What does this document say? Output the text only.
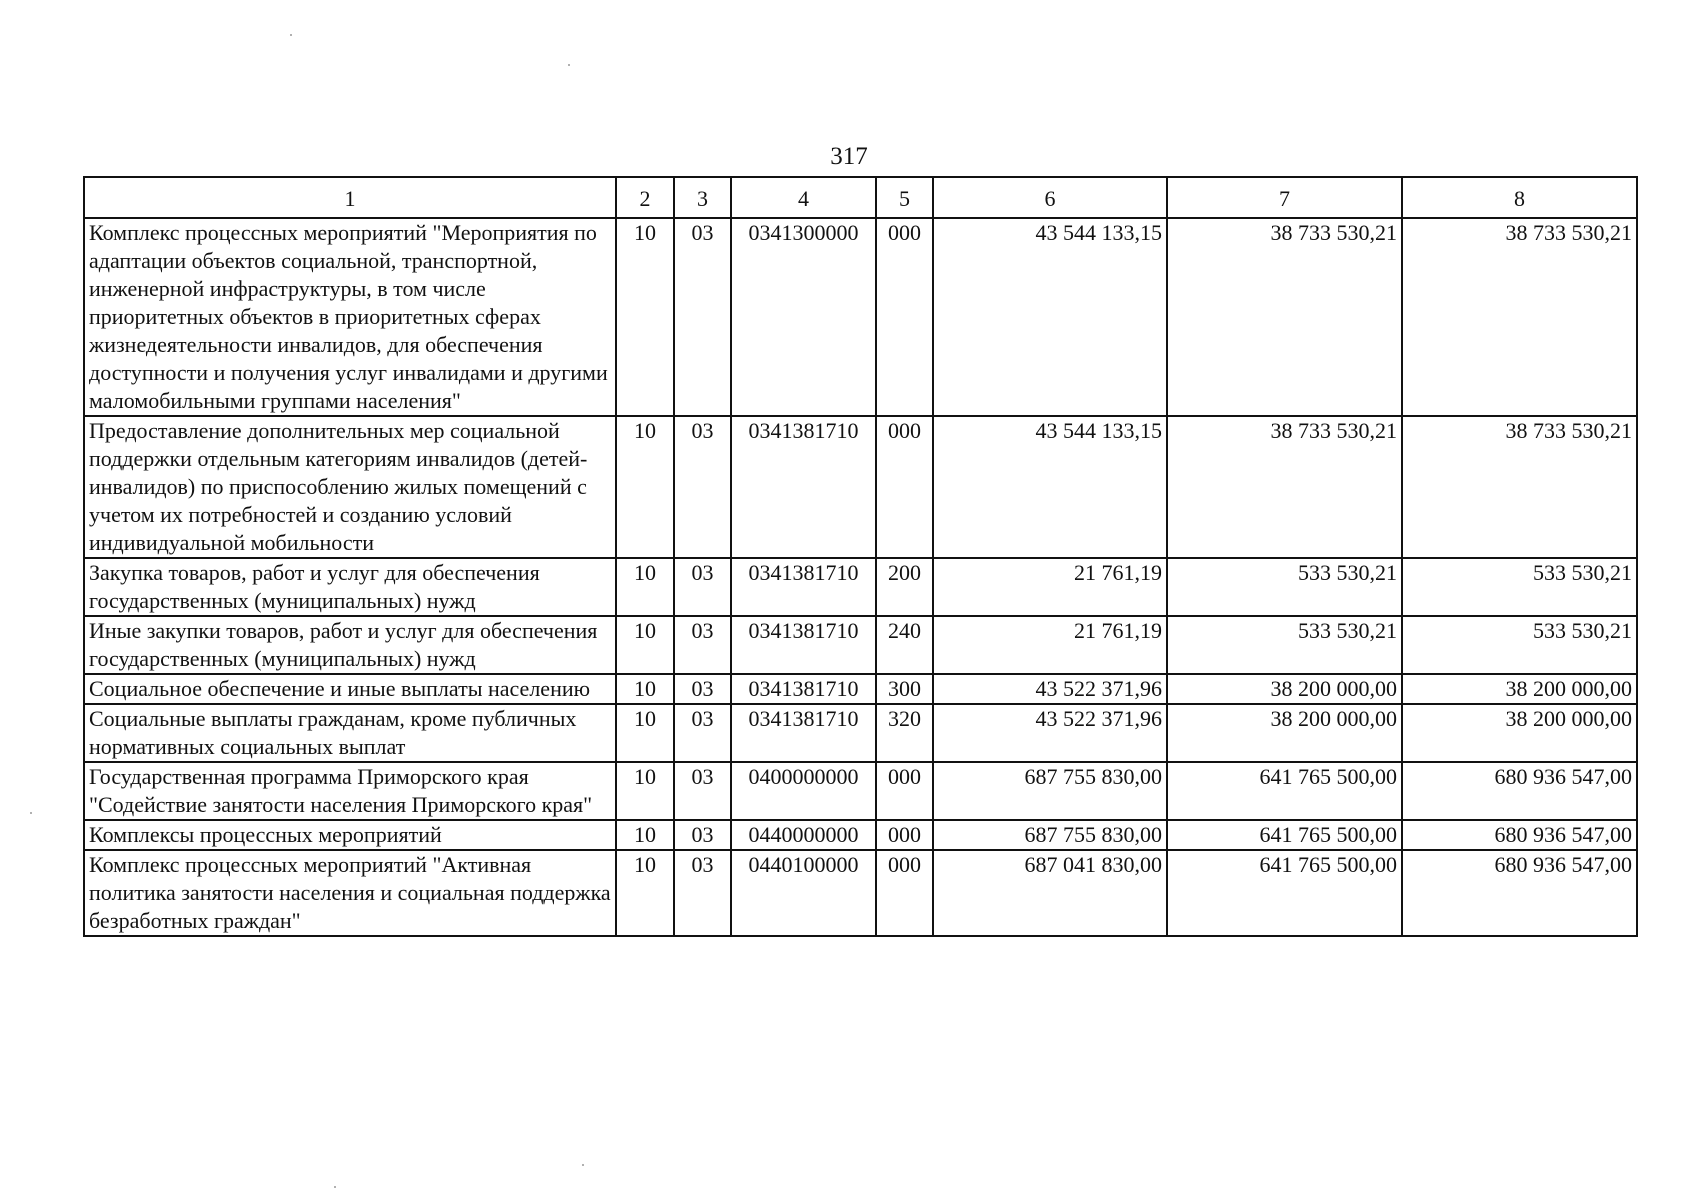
317
1	2	3	4	5	6	7	8
Комплекс процессных мероприятий "Мероприятия по адаптации объектов социальной, транспортной, инженерной инфраструктуры, в том числе приоритетных объектов в приоритетных сферах жизнедеятельности инвалидов, для обеспечения доступности и получения услуг инвалидами и другими маломобильными группами населения"	10	03	0341300000	000	43 544 133,15	38 733 530,21	38 733 530,21
Предоставление дополнительных мер социальной поддержки отдельным категориям инвалидов (детей-инвалидов) по приспособлению жилых помещений с учетом их потребностей и созданию условий индивидуальной мобильности	10	03	0341381710	000	43 544 133,15	38 733 530,21	38 733 530,21
Закупка товаров, работ и услуг для обеспечения государственных (муниципальных) нужд	10	03	0341381710	200	21 761,19	533 530,21	533 530,21
Иные закупки товаров, работ и услуг для обеспечения государственных (муниципальных) нужд	10	03	0341381710	240	21 761,19	533 530,21	533 530,21
Социальное обеспечение и иные выплаты населению	10	03	0341381710	300	43 522 371,96	38 200 000,00	38 200 000,00
Социальные выплаты гражданам, кроме публичных нормативных социальных выплат	10	03	0341381710	320	43 522 371,96	38 200 000,00	38 200 000,00
Государственная программа Приморского края "Содействие занятости населения Приморского края"	10	03	0400000000	000	687 755 830,00	641 765 500,00	680 936 547,00
Комплексы процессных мероприятий	10	03	0440000000	000	687 755 830,00	641 765 500,00	680 936 547,00
Комплекс процессных мероприятий "Активная политика занятости населения и социальная поддержка безработных граждан"	10	03	0440100000	000	687 041 830,00	641 765 500,00	680 936 547,00
